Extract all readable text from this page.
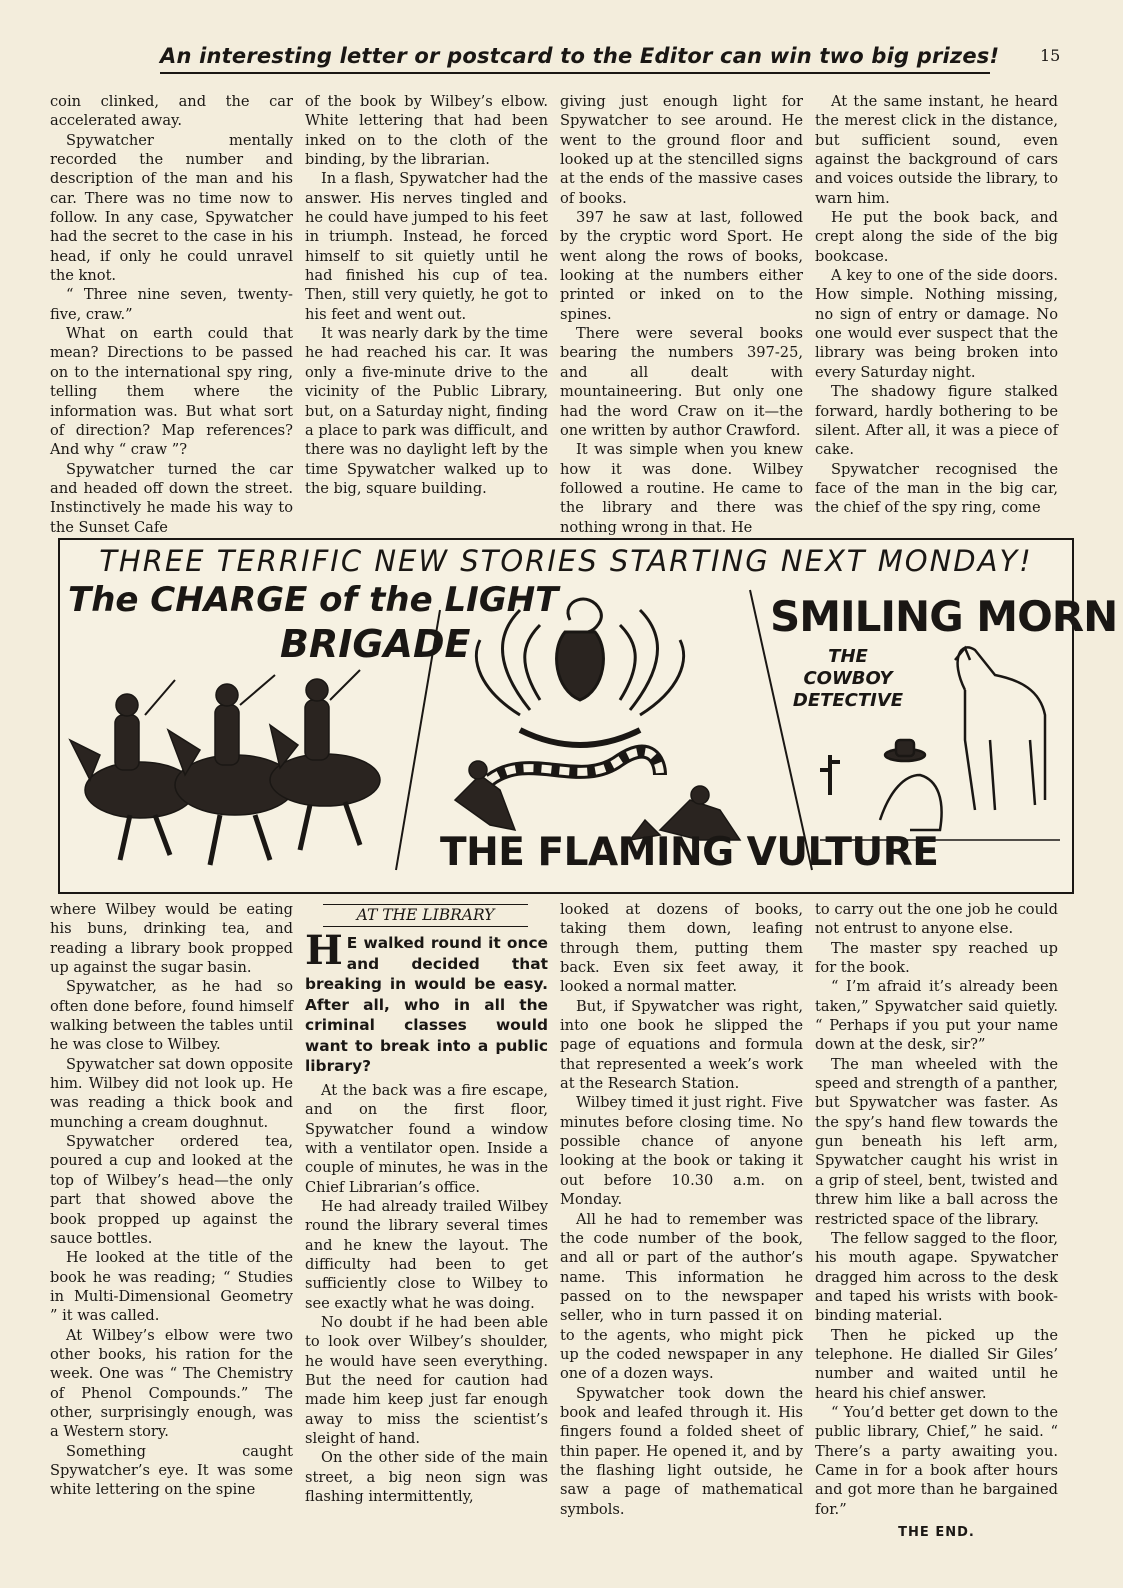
An interesting letter or postcard to the Editor can win two big prizes!	15

coin clinked, and the car accelerated away.

Spywatcher mentally recorded the number and description of the man and his car. There was no time now to follow. In any case, Spywatcher had the secret to the case in his head, if only he could unravel the knot.

“ Three nine seven, twenty-five, craw.”

What on earth could that mean? Directions to be passed on to the international spy ring, telling them where the information was. But what sort of direction? Map references? And why “ craw ”?

Spywatcher turned the car and headed off down the street. Instinctively he made his way to the Sunset Cafe

of the book by Wilbey’s elbow. White lettering that had been inked on to the cloth of the binding, by the librarian.

In a flash, Spywatcher had the answer. His nerves tingled and he could have jumped to his feet in triumph. Instead, he forced himself to sit quietly until he had finished his cup of tea. Then, still very quietly, he got to his feet and went out.

It was nearly dark by the time he had reached his car. It was only a five-minute drive to the vicinity of the Public Library, but, on a Saturday night, finding a place to park was difficult, and there was no daylight left by the time Spywatcher walked up to the big, square building.

giving just enough light for Spywatcher to see around. He went to the ground floor and looked up at the stencilled signs at the ends of the massive cases of books.

397 he saw at last, followed by the cryptic word Sport. He went along the rows of books, looking at the numbers either printed or inked on to the spines.

There were several books bearing the numbers 397-25, and all dealt with mountaineering. But only one had the word Craw on it—the one written by author Crawford.

It was simple when you knew how it was done. Wilbey followed a routine. He came to the library and there was nothing wrong in that. He

At the same instant, he heard the merest click in the distance, but sufficient sound, even against the background of cars and voices outside the library, to warn him.

He put the book back, and crept along the side of the big bookcase.

A key to one of the side doors. How simple. Nothing missing, no sign of entry or damage. No one would ever suspect that the library was being broken into every Saturday night.

The shadowy figure stalked forward, hardly bothering to be silent. After all, it was a piece of cake.

Spywatcher recognised the face of the man in the big car, the chief of the spy ring, come

THREE TERRIFIC NEW STORIES STARTING NEXT MONDAY!
The CHARGE of the LIGHT
BRIGADE
THE FLAMING VULTURE
SMILING MORN
THE COWBOY DETECTIVE

where Wilbey would be eating his buns, drinking tea, and reading a library book propped up against the sugar basin.

Spywatcher, as he had so often done before, found himself walking between the tables until he was close to Wilbey.

Spywatcher sat down opposite him. Wilbey did not look up. He was reading a thick book and munching a cream doughnut.

Spywatcher ordered tea, poured a cup and looked at the top of Wilbey’s head—the only part that showed above the book propped up against the sauce bottles.

He looked at the title of the book he was reading; “ Studies in Multi-Dimensional Geometry ” it was called.

At Wilbey’s elbow were two other books, his ration for the week. One was “ The Chemistry of Phenol Compounds.” The other, surprisingly enough, was a Western story.

Something caught Spywatcher’s eye. It was some white lettering on the spine

AT THE LIBRARY

H E walked round it once and decided that breaking in would be easy. After all, who in all the criminal classes would want to break into a public library?

At the back was a fire escape, and on the first floor, Spywatcher found a window with a ventilator open. Inside a couple of minutes, he was in the Chief Librarian’s office.

He had already trailed Wilbey round the library several times and he knew the layout. The difficulty had been to get sufficiently close to Wilbey to see exactly what he was doing.

No doubt if he had been able to look over Wilbey’s shoulder, he would have seen everything. But the need for caution had made him keep just far enough away to miss the scientist’s sleight of hand.

On the other side of the main street, a big neon sign was flashing intermittently,

looked at dozens of books, taking them down, leafing through them, putting them back. Even six feet away, it looked a normal matter.

But, if Spywatcher was right, into one book he slipped the page of equations and formula that represented a week’s work at the Research Station.

Wilbey timed it just right. Five minutes before closing time. No possible chance of anyone looking at the book or taking it out before 10.30 a.m. on Monday.

All he had to remember was the code number of the book, and all or part of the author’s name. This information he passed on to the newspaper seller, who in turn passed it on to the agents, who might pick up the coded newspaper in any one of a dozen ways.

Spywatcher took down the book and leafed through it. His fingers found a folded sheet of thin paper. He opened it, and by the flashing light outside, he saw a page of mathematical symbols.

to carry out the one job he could not entrust to anyone else.

The master spy reached up for the book.

“ I’m afraid it’s already been taken,” Spywatcher said quietly. “ Perhaps if you put your name down at the desk, sir?”

The man wheeled with the speed and strength of a panther, but Spywatcher was faster. As the spy’s hand flew towards the gun beneath his left arm, Spywatcher caught his wrist in a grip of steel, bent, twisted and threw him like a ball across the restricted space of the library.

The fellow sagged to the floor, his mouth agape. Spywatcher dragged him across to the desk and taped his wrists with book-binding material.

Then he picked up the telephone. He dialled Sir Giles’ number and waited until he heard his chief answer.

“ You’d better get down to the public library, Chief,” he said. “ There’s a party awaiting you. Came in for a book after hours and got more than he bargained for.”

THE END.
